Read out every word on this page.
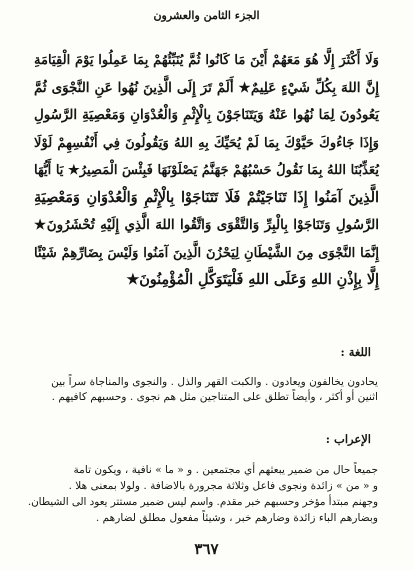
الجزء الثامن والعشرون
وَلَا أَكْثَرَ إِلَّا هُوَ مَعَهُمْ أَيْنَ مَا كَانُوا ثُمَّ يُنَبِّئُهُمْ بِمَا عَمِلُوا يَوْمَ الْقِيَامَةِ
إِنَّ اللهَ بِكُلِّ شَيْءٍ عَلِيمٌ★ أَلَمْ تَرَ إِلَى الَّذِينَ نُهُوا عَنِ النَّجْوَى ثُمَّ
يَعُودُونَ لِمَا نُهُوا عَنْهُ وَيَتَنَاجَوْنَ بِالْإِثْمِ وَالْعُدْوَانِ وَمَعْصِيَةِ الرَّسُولِ
وَإِذَا جَاءُوكَ حَيَّوْكَ بِمَا لَمْ يُحَيِّكَ بِهِ اللهُ وَيَقُولُونَ فِي أَنْفُسِهِمْ لَوْلَا
يُعَذِّبُنَا اللهُ بِمَا نَقُولُ حَسْبُهُمْ جَهَنَّمُ يَصْلَوْنَهَا فَبِئْسَ الْمَصِيرُ★ يَا أَيُّهَا
الَّذِينَ آمَنُوا إِذَا تَنَاجَيْتُمْ فَلَا تَتَنَاجَوْا بِالْإِثْمِ وَالْعُدْوَانِ وَمَعْصِيَةِ
الرَّسُولِ وَتَنَاجَوْا بِالْبِرِّ وَالتَّقْوَى وَاتَّقُوا اللهَ الَّذِي إِلَيْهِ تُحْشَرُونَ★
إِنَّمَا النَّجْوَى مِنَ الشَّيْطَانِ لِيَحْزُنَ الَّذِينَ آمَنُوا وَلَيْسَ بِضَارِّهِمْ شَيْئًا
إِلَّا بِإِذْنِ اللهِ وَعَلَى اللهِ فَلْيَتَوَكَّلِ الْمُؤْمِنُونَ★
اللغة :
يحادون يخالفون ويعادون . والكبت القهر والذل . والنجوى والمناجاة سراً بين
اثنين أو أكثر ، وأيضاً تطلق على المتناجين مثل هم نجوى . وحسبهم كافيهم .
الإعراب :
جميعاً حال من ضمير يبعثهم أي مجتمعين . و « ما » نافية ، ويكون تامة
و « من » زائدة ونجوى فاعل وثلاثة مجرورة بالاضافة . ولولا بمعنى هلا .
وجهنم مبتدأ مؤخر وحسبهم خبر مقدم. واسم ليس ضمير مستتر يعود الى الشيطان.
وبضارهم الباء زائدة وضارهم خبر ، وشيئاً مفعول مطلق لضارهم .
٣٦٧
